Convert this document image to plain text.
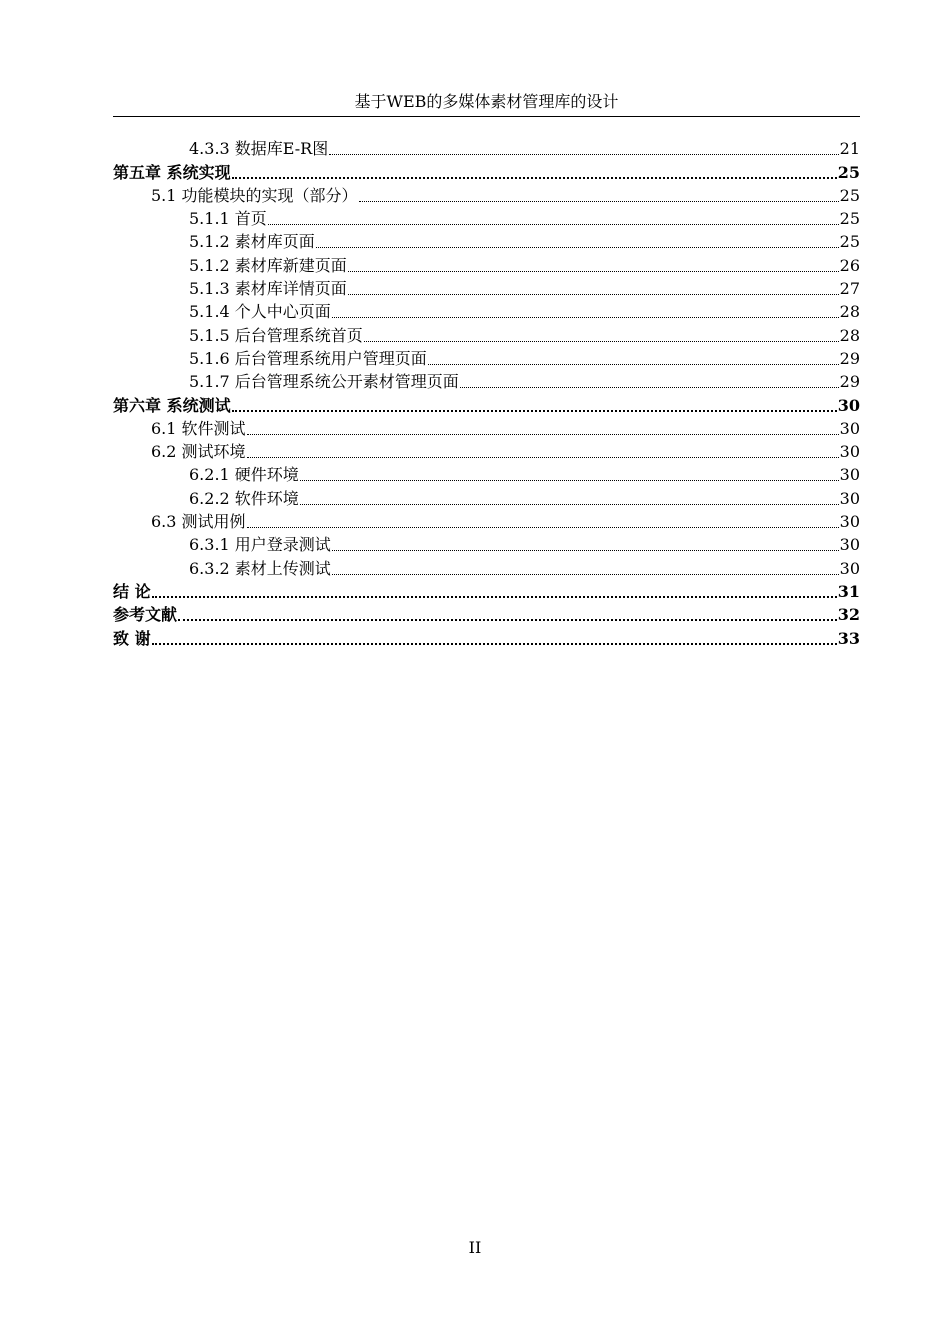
基于WEB的多媒体素材管理库的设计
4.3.3 数据库E-R图	21
第五章 系统实现	25
5.1 功能模块的实现（部分）	25
5.1.1 首页	25
5.1.2 素材库页面	25
5.1.2 素材库新建页面	26
5.1.3 素材库详情页面	27
5.1.4 个人中心页面	28
5.1.5 后台管理系统首页	28
5.1.6 后台管理系统用户管理页面	29
5.1.7 后台管理系统公开素材管理页面	29
第六章 系统测试	30
6.1 软件测试	30
6.2 测试环境	30
6.2.1 硬件环境	30
6.2.2 软件环境	30
6.3 测试用例	30
6.3.1 用户登录测试	30
6.3.2 素材上传测试	30
结 论	31
参考文献	32
致 谢	33
II
